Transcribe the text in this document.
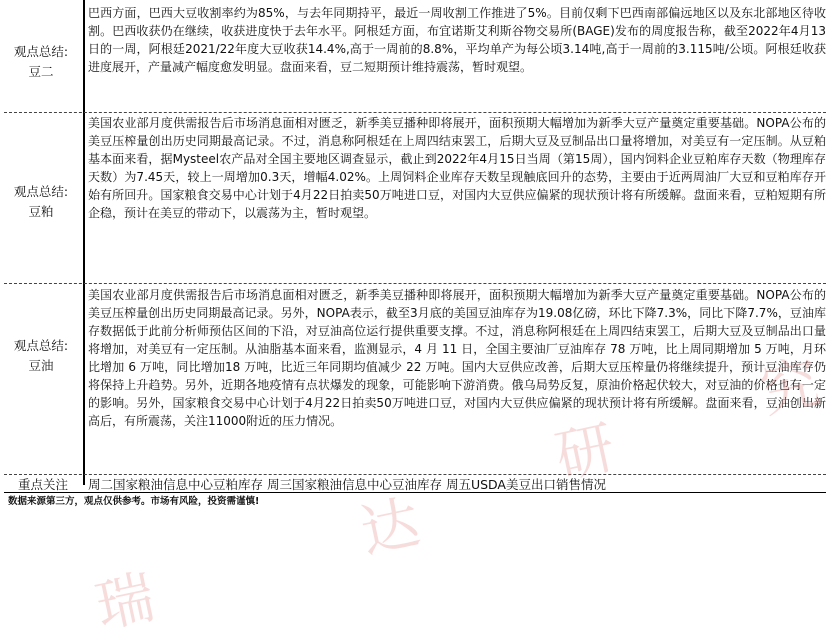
观点总结:
豆二
巴西方面，巴西大豆收割率约为85%，与去年同期持平，最近一周收割工作推进了5%。目前仅剩下巴西南部偏远地区以及东北部地区待收割。巴西收获仍在继续，收获进度快于去年水平。阿根廷方面，布宜诺斯艾利斯谷物交易所(BAGE)发布的周度报告称，截至2022年4月13日的一周，阿根廷2021/22年度大豆收获14.4%,高于一周前的8.8%，平均单产为每公顷3.14吨,高于一周前的3.115吨/公顷。阿根廷收获进度展开，产量减产幅度愈发明显。盘面来看，豆二短期预计维持震荡，暂时观望。
观点总结:
豆粕
美国农业部月度供需报告后市场消息面相对匮乏，新季美豆播种即将展开，面积预期大幅增加为新季大豆产量奠定重要基础。NOPA公布的美豆压榨量创出历史同期最高记录。不过，消息称阿根廷在上周四结束罢工，后期大豆及豆制品出口量将增加，对美豆有一定压制。从豆粕基本面来看，据Mysteel农产品对全国主要地区调查显示，截止到2022年4月15日当周（第15周），国内饲料企业豆粕库存天数（物理库存天数）为7.45天，较上一周增加0.3天，增幅4.02%。上周饲料企业库存天数呈现触底回升的态势，主要由于近两周油厂大豆和豆粕库存开始有所回升。国家粮食交易中心计划于4月22日拍卖50万吨进口豆，对国内大豆供应偏紧的现状预计将有所缓解。盘面来看，豆粕短期有所企稳，预计在美豆的带动下，以震荡为主，暂时观望。
观点总结:
豆油
美国农业部月度供需报告后市场消息面相对匮乏，新季美豆播种即将展开，面积预期大幅增加为新季大豆产量奠定重要基础。NOPA公布的美豆压榨量创出历史同期最高记录。另外，NOPA表示，截至3月底的美国豆油库存为19.08亿磅，环比下降7.3%，同比下降7.7%，豆油库存数据低于此前分析师预估区间的下沿，对豆油高位运行提供重要支撑。不过，消息称阿根廷在上周四结束罢工，后期大豆及豆制品出口量将增加，对美豆有一定压制。从油脂基本面来看，监测显示，4 月 11 日，全国主要油厂豆油库存 78 万吨，比上周同期增加 5 万吨，月环比增加 6 万吨，同比增加18 万吨，比近三年同期均值减少 22 万吨。国内大豆供应改善，后期大豆压榨量仍将继续提升，预计豆油库存仍将保持上升趋势。另外，近期各地疫情有点状爆发的现象，可能影响下游消费。俄乌局势反复，原油价格起伏较大，对豆油的价格也有一定的影响。另外，国家粮食交易中心计划于4月22日拍卖50万吨进口豆，对国内大豆供应偏紧的现状预计将有所缓解。盘面来看，豆油创出新高后，有所震荡，关注11000附近的压力情况。
重点关注	周二国家粮油信息中心豆粕库存 周三国家粮油信息中心豆油库存 周五USDA美豆出口销售情况
数据来源第三方，观点仅供参考。市场有风险，投资需谨慎!
瑞
达
研
究
